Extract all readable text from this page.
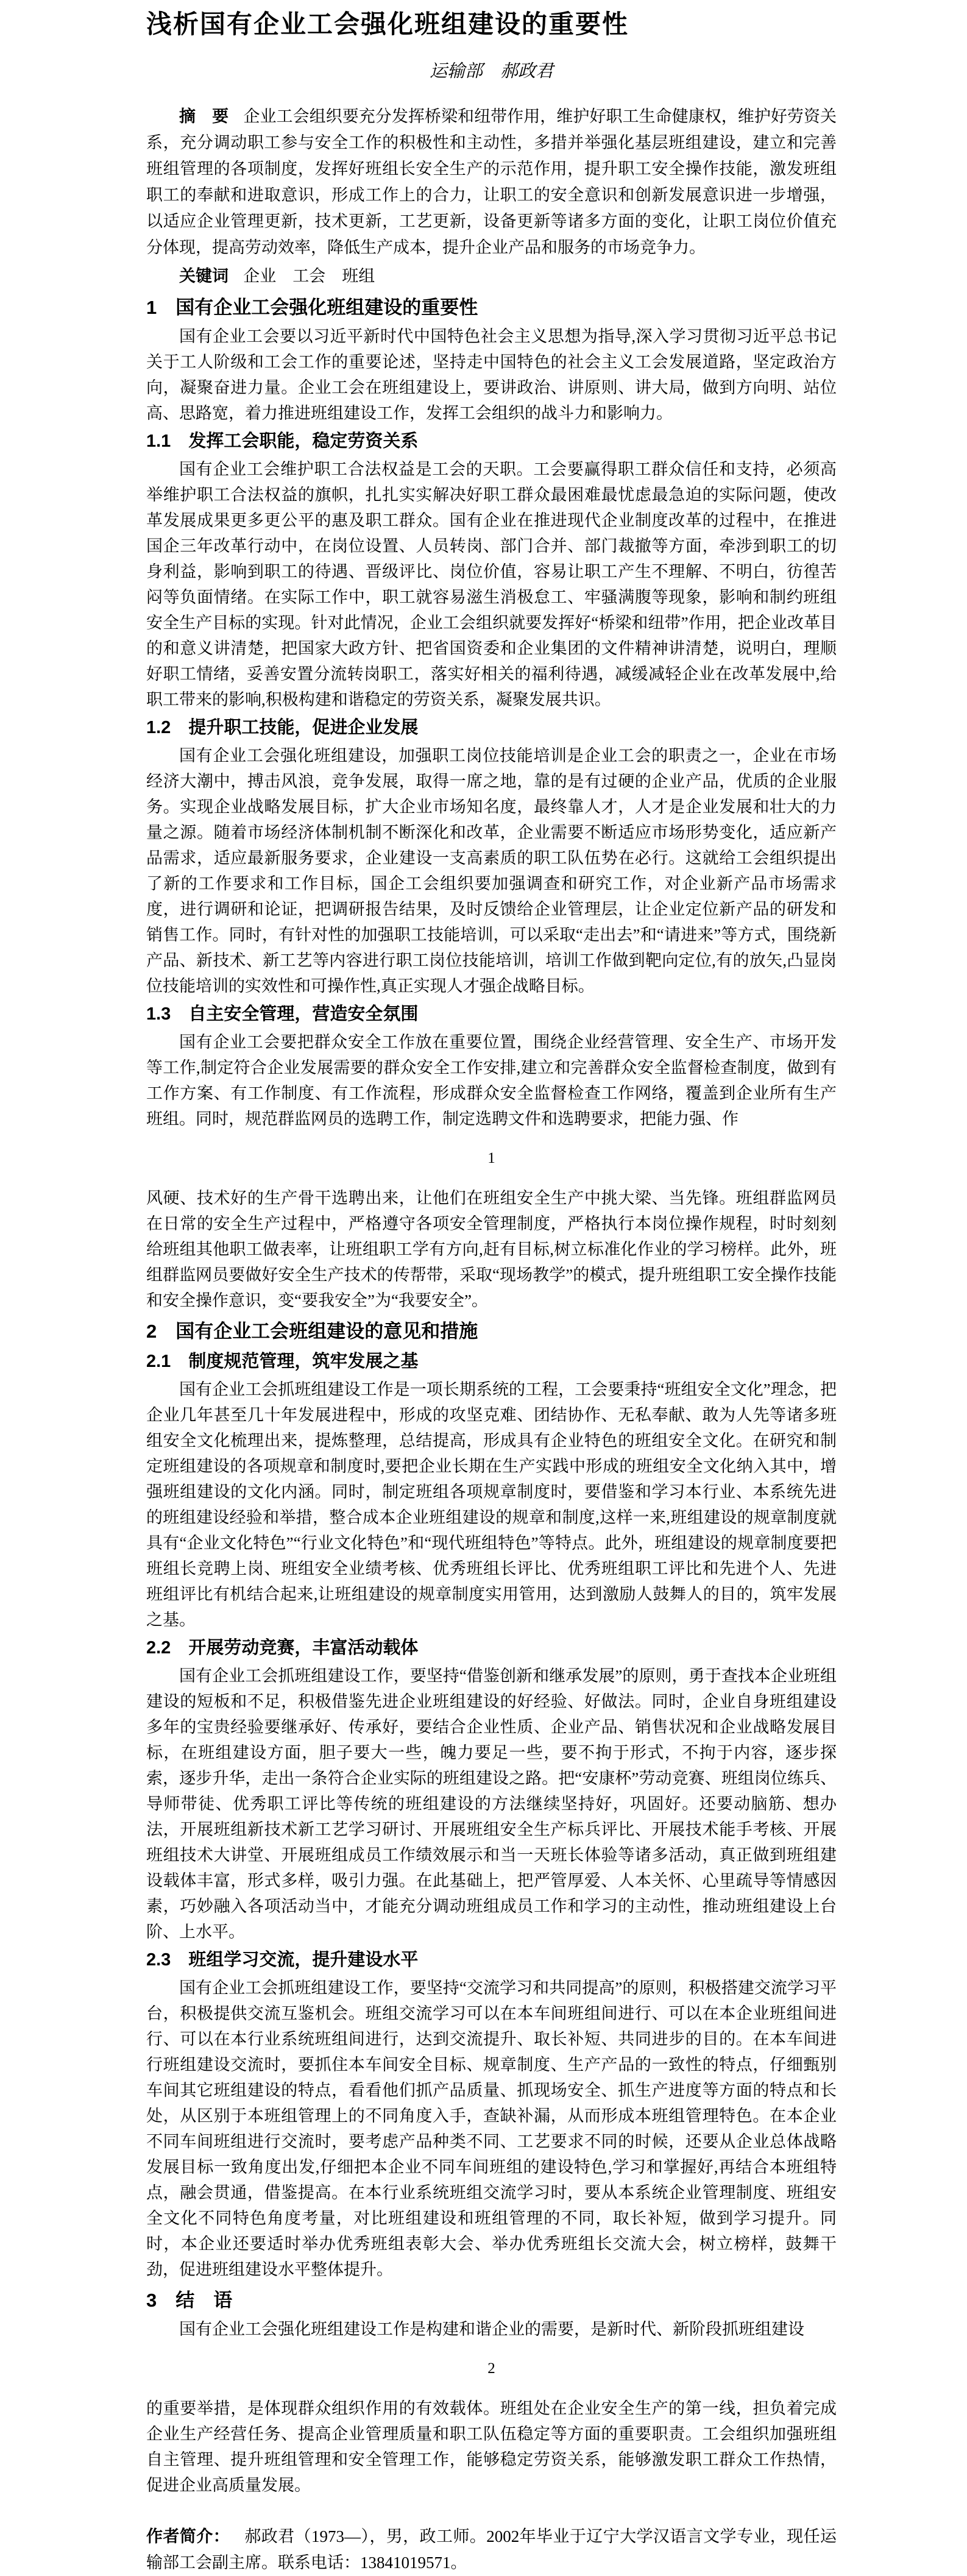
浅析国有企业工会强化班组建设的重要性
运输部　郝政君

摘　要 企业工会组织要充分发挥桥梁和纽带作用，维护好职工生命健康权，维护好劳资关系，充分调动职工参与安全工作的积极性和主动性，多措并举强化基层班组建设，建立和完善班组管理的各项制度，发挥好班组长安全生产的示范作用，提升职工安全操作技能，激发班组职工的奉献和进取意识，形成工作上的合力，让职工的安全意识和创新发展意识进一步增强，以适应企业管理更新，技术更新，工艺更新，设备更新等诸多方面的变化，让职工岗位价值充分体现，提高劳动效率，降低生产成本，提升企业产品和服务的市场竞争力。

关键词 企业　工会　班组

1　国有企业工会强化班组建设的重要性

国有企业工会要以习近平新时代中国特色社会主义思想为指导,深入学习贯彻习近平总书记关于工人阶级和工会工作的重要论述，坚持走中国特色的社会主义工会发展道路，坚定政治方向，凝聚奋进力量。企业工会在班组建设上，要讲政治、讲原则、讲大局，做到方向明、站位高、思路宽，着力推进班组建设工作，发挥工会组织的战斗力和影响力。

1.1　发挥工会职能，稳定劳资关系

国有企业工会维护职工合法权益是工会的天职。工会要赢得职工群众信任和支持，必须高举维护职工合法权益的旗帜，扎扎实实解决好职工群众最困难最忧虑最急迫的实际问题，使改革发展成果更多更公平的惠及职工群众。国有企业在推进现代企业制度改革的过程中，在推进国企三年改革行动中，在岗位设置、人员转岗、部门合并、部门裁撤等方面，牵涉到职工的切身利益，影响到职工的待遇、晋级评比、岗位价值，容易让职工产生不理解、不明白，彷徨苦闷等负面情绪。在实际工作中，职工就容易滋生消极怠工、牢骚满腹等现象，影响和制约班组安全生产目标的实现。针对此情况，企业工会组织就要发挥好“桥梁和纽带”作用，把企业改革目的和意义讲清楚，把国家大政方针、把省国资委和企业集团的文件精神讲清楚，说明白，理顺好职工情绪，妥善安置分流转岗职工，落实好相关的福利待遇，减缓减轻企业在改革发展中,给职工带来的影响,积极构建和谐稳定的劳资关系，凝聚发展共识。

1.2　提升职工技能，促进企业发展

国有企业工会强化班组建设，加强职工岗位技能培训是企业工会的职责之一，企业在市场经济大潮中，搏击风浪，竞争发展，取得一席之地，靠的是有过硬的企业产品，优质的企业服务。实现企业战略发展目标，扩大企业市场知名度，最终靠人才，人才是企业发展和壮大的力量之源。随着市场经济体制机制不断深化和改革，企业需要不断适应市场形势变化，适应新产品需求，适应最新服务要求，企业建设一支高素质的职工队伍势在必行。这就给工会组织提出了新的工作要求和工作目标，国企工会组织要加强调查和研究工作，对企业新产品市场需求度，进行调研和论证，把调研报告结果，及时反馈给企业管理层，让企业定位新产品的研发和销售工作。同时，有针对性的加强职工技能培训，可以采取“走出去”和“请进来”等方式，围绕新产品、新技术、新工艺等内容进行职工岗位技能培训，培训工作做到靶向定位,有的放矢,凸显岗位技能培训的实效性和可操作性,真正实现人才强企战略目标。

1.3　自主安全管理，营造安全氛围

国有企业工会要把群众安全工作放在重要位置，围绕企业经营管理、安全生产、市场开发等工作,制定符合企业发展需要的群众安全工作安排,建立和完善群众安全监督检查制度，做到有工作方案、有工作制度、有工作流程，形成群众安全监督检查工作网络，覆盖到企业所有生产班组。同时，规范群监网员的选聘工作，制定选聘文件和选聘要求，把能力强、作

1

风硬、技术好的生产骨干选聘出来，让他们在班组安全生产中挑大梁、当先锋。班组群监网员在日常的安全生产过程中，严格遵守各项安全管理制度，严格执行本岗位操作规程，时时刻刻给班组其他职工做表率，让班组职工学有方向,赶有目标,树立标准化作业的学习榜样。此外，班组群监网员要做好安全生产技术的传帮带，采取“现场教学”的模式，提升班组职工安全操作技能和安全操作意识，变“要我安全”为“我要安全”。

2　国有企业工会班组建设的意见和措施
2.1　制度规范管理，筑牢发展之基

国有企业工会抓班组建设工作是一项长期系统的工程，工会要秉持“班组安全文化”理念，把企业几年甚至几十年发展进程中，形成的攻坚克难、团结协作、无私奉献、敢为人先等诸多班组安全文化梳理出来，提炼整理，总结提高，形成具有企业特色的班组安全文化。在研究和制定班组建设的各项规章和制度时,要把企业长期在生产实践中形成的班组安全文化纳入其中，增强班组建设的文化内涵。同时，制定班组各项规章制度时，要借鉴和学习本行业、本系统先进的班组建设经验和举措，整合成本企业班组建设的规章和制度,这样一来,班组建设的规章制度就具有“企业文化特色”“行业文化特色”和“现代班组特色”等特点。此外，班组建设的规章制度要把班组长竞聘上岗、班组安全业绩考核、优秀班组长评比、优秀班组职工评比和先进个人、先进班组评比有机结合起来,让班组建设的规章制度实用管用，达到激励人鼓舞人的目的，筑牢发展之基。

2.2　开展劳动竞赛，丰富活动载体

国有企业工会抓班组建设工作，要坚持“借鉴创新和继承发展”的原则，勇于查找本企业班组建设的短板和不足，积极借鉴先进企业班组建设的好经验、好做法。同时，企业自身班组建设多年的宝贵经验要继承好、传承好，要结合企业性质、企业产品、销售状况和企业战略发展目标，在班组建设方面，胆子要大一些，魄力要足一些，要不拘于形式，不拘于内容，逐步探索，逐步升华，走出一条符合企业实际的班组建设之路。把“安康杯”劳动竞赛、班组岗位练兵、导师带徒、优秀职工评比等传统的班组建设的方法继续坚持好，巩固好。还要动脑筋、想办法，开展班组新技术新工艺学习研讨、开展班组安全生产标兵评比、开展技术能手考核、开展班组技术大讲堂、开展班组成员工作绩效展示和当一天班长体验等诸多活动，真正做到班组建设载体丰富，形式多样，吸引力强。在此基础上，把严管厚爱、人本关怀、心里疏导等情感因素，巧妙融入各项活动当中，才能充分调动班组成员工作和学习的主动性，推动班组建设上台阶、上水平。

2.3　班组学习交流，提升建设水平

国有企业工会抓班组建设工作，要坚持“交流学习和共同提高”的原则，积极搭建交流学习平台，积极提供交流互鉴机会。班组交流学习可以在本车间班组间进行、可以在本企业班组间进行、可以在本行业系统班组间进行，达到交流提升、取长补短、共同进步的目的。在本车间进行班组建设交流时，要抓住本车间安全目标、规章制度、生产产品的一致性的特点，仔细甄别车间其它班组建设的特点，看看他们抓产品质量、抓现场安全、抓生产进度等方面的特点和长处，从区别于本班组管理上的不同角度入手，查缺补漏，从而形成本班组管理特色。在本企业不同车间班组进行交流时，要考虑产品种类不同、工艺要求不同的时候，还要从企业总体战略发展目标一致角度出发,仔细把本企业不同车间班组的建设特色,学习和掌握好,再结合本班组特点，融会贯通，借鉴提高。在本行业系统班组交流学习时，要从本系统企业管理制度、班组安全文化不同特色角度考量，对比班组建设和班组管理的不同，取长补短，做到学习提升。同时，本企业还要适时举办优秀班组表彰大会、举办优秀班组长交流大会，树立榜样，鼓舞干劲，促进班组建设水平整体提升。

3　结　语

国有企业工会强化班组建设工作是构建和谐企业的需要，是新时代、新阶段抓班组建设

2

的重要举措，是体现群众组织作用的有效载体。班组处在企业安全生产的第一线，担负着完成企业生产经营任务、提高企业管理质量和职工队伍稳定等方面的重要职责。工会组织加强班组自主管理、提升班组管理和安全管理工作，能够稳定劳资关系，能够激发职工群众工作热情，促进企业高质量发展。

作者简介： 郝政君（1973—），男，政工师。2002年毕业于辽宁大学汉语言文学专业，现任运输部工会副主席。联系电话：13841019571。
